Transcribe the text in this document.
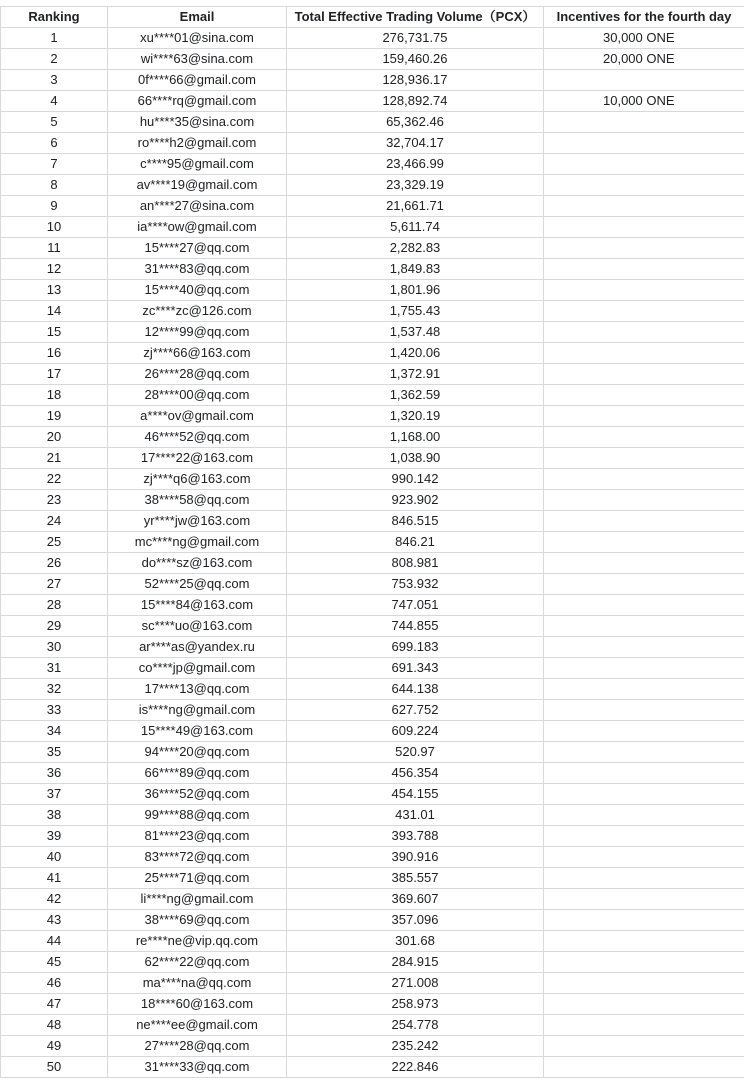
Ranking	Email	Total Effective Trading Volume（PCX）	Incentives for the fourth day
1	xu****01@sina.com	276,731.75	30,000 ONE
2	wi****63@sina.com	159,460.26	20,000 ONE
3	0f****66@gmail.com	128,936.17	
4	66****rq@gmail.com	128,892.74	10,000 ONE
5	hu****35@sina.com	65,362.46	
6	ro****h2@gmail.com	32,704.17	
7	c****95@gmail.com	23,466.99	
8	av****19@gmail.com	23,329.19	
9	an****27@sina.com	21,661.71	
10	ia****ow@gmail.com	5,611.74	
11	15****27@qq.com	2,282.83	
12	31****83@qq.com	1,849.83	
13	15****40@qq.com	1,801.96	
14	zc****zc@126.com	1,755.43	
15	12****99@qq.com	1,537.48	
16	zj****66@163.com	1,420.06	
17	26****28@qq.com	1,372.91	
18	28****00@qq.com	1,362.59	
19	a****ov@gmail.com	1,320.19	
20	46****52@qq.com	1,168.00	
21	17****22@163.com	1,038.90	
22	zj****q6@163.com	990.142	
23	38****58@qq.com	923.902	
24	yr****jw@163.com	846.515	
25	mc****ng@gmail.com	846.21	
26	do****sz@163.com	808.981	
27	52****25@qq.com	753.932	
28	15****84@163.com	747.051	
29	sc****uo@163.com	744.855	
30	ar****as@yandex.ru	699.183	
31	co****jp@gmail.com	691.343	
32	17****13@qq.com	644.138	
33	is****ng@gmail.com	627.752	
34	15****49@163.com	609.224	
35	94****20@qq.com	520.97	
36	66****89@qq.com	456.354	
37	36****52@qq.com	454.155	
38	99****88@qq.com	431.01	
39	81****23@qq.com	393.788	
40	83****72@qq.com	390.916	
41	25****71@qq.com	385.557	
42	li****ng@gmail.com	369.607	
43	38****69@qq.com	357.096	
44	re****ne@vip.qq.com	301.68	
45	62****22@qq.com	284.915	
46	ma****na@qq.com	271.008	
47	18****60@163.com	258.973	
48	ne****ee@gmail.com	254.778	
49	27****28@qq.com	235.242	
50	31****33@qq.com	222.846	
